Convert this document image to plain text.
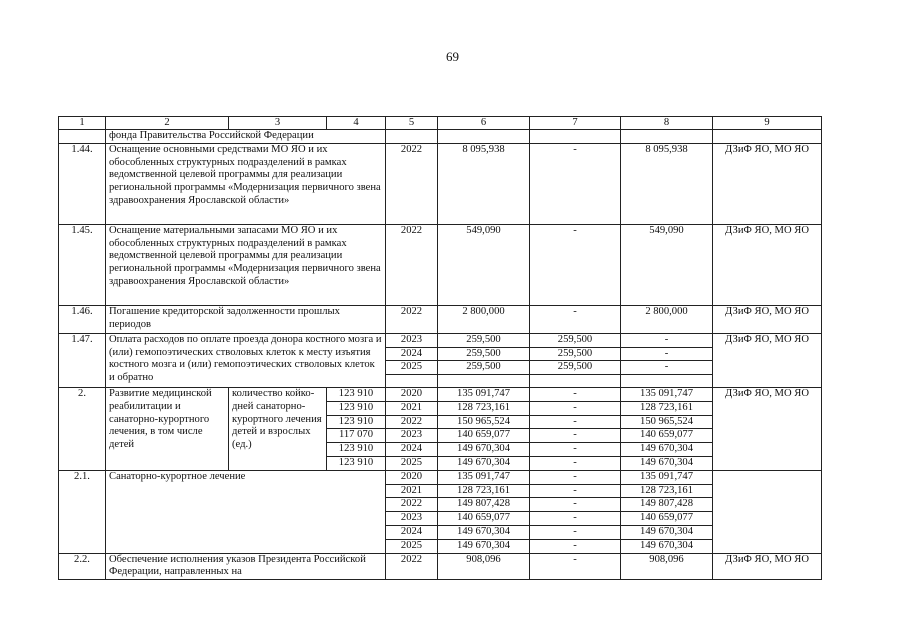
69
1	2	3	4	5	6	7	8	9
	фонда Правительства Российской Федерации							
1.44.	Оснащение основными средствами МО ЯО и их обособленных структурных подразделений в рамках ведомственной целевой программы для реализации региональной программы «Модернизация первичного звена здравоохранения Ярославской области»			2022	8 095,938	-	8 095,938	ДЗиФ ЯО, МО ЯО
1.45.	Оснащение материальными запасами МО ЯО и их обособленных структурных подразделений в рамках ведомственной целевой программы для реализации региональной программы «Модернизация первичного звена здравоохранения Ярославской области»			2022	549,090	-	549,090	ДЗиФ ЯО, МО ЯО
1.46.	Погашение кредиторской задолженности прошлых периодов			2022	2 800,000	-	2 800,000	ДЗиФ ЯО, МО ЯО
1.47.	Оплата расходов по оплате проезда донора костного мозга и (или) гемопоэтических стволовых клеток к месту изъятия костного мозга и (или) гемопоэтических стволовых клеток и обратно			2023	259,500	259,500	-	ДЗиФ ЯО, МО ЯО
				2024	259,500	259,500	-	
				2025	259,500	259,500	-	

2.	Развитие медицинской реабилитации и санаторно-курортного лечения, в том числе детей	количество койко-дней санаторно-курортного лечения детей и взрослых (ед.)	123 910	2020	135 091,747	-	135 091,747	ДЗиФ ЯО, МО ЯО
			123 910	2021	128 723,161	-	128 723,161	
			123 910	2022	150 965,524	-	150 965,524	
			117 070	2023	140 659,077	-	140 659,077	
			123 910	2024	149 670,304	-	149 670,304	
			123 910	2025	149 670,304	-	149 670,304	
2.1.	Санаторно-курортное лечение			2020	135 091,747	-	135 091,747	
				2021	128 723,161	-	128 723,161	
				2022	149 807,428	-	149 807,428	
				2023	140 659,077	-	140 659,077	
				2024	149 670,304	-	149 670,304	
				2025	149 670,304	-	149 670,304	
2.2.	Обеспечение исполнения указов Президента Российской Федерации, направленных на			2022	908,096	-	908,096	ДЗиФ ЯО, МО ЯО
